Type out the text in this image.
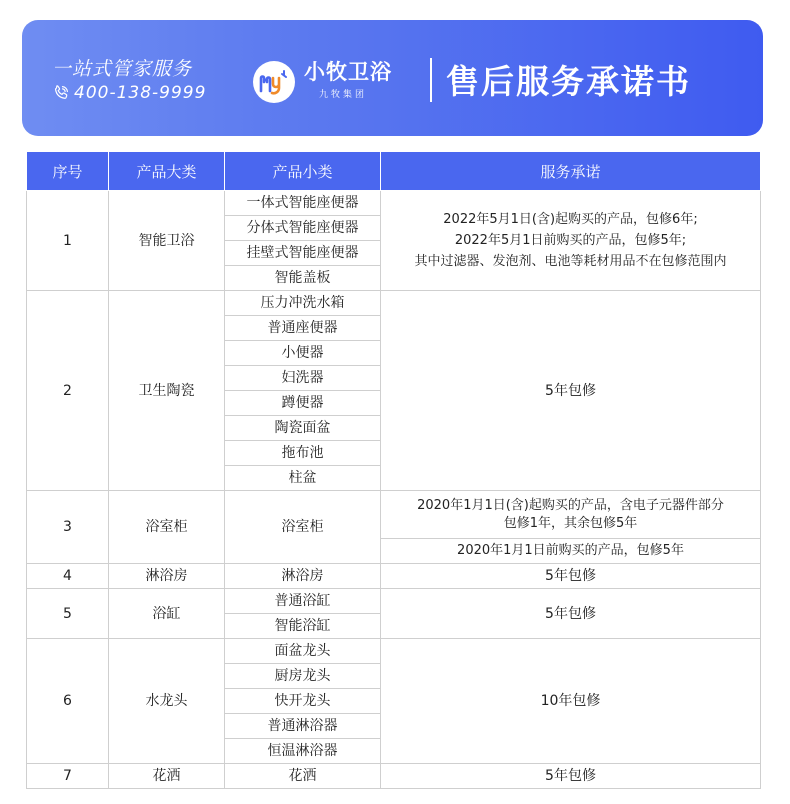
一站式管家服务
400-138-9999
小牧卫浴
九牧集团 售后服务承诺书
序号	产品大类	产品小类	服务承诺
1	智能卫浴	一体式智能座便器	2022年5月1日(含)起购买的产品，包修6年;
2022年5月1日前购买的产品，包修5年;
其中过滤器、发泡剂、电池等耗材用品不在包修范围内

		分体式智能座便器	
		挂壁式智能座便器	
		智能盖板	
2	卫生陶瓷	压力冲洗水箱	5年包修
		普通座便器	
		小便器	
		妇洗器	
		蹲便器	
		陶瓷面盆	
		拖布池	
		柱盆	
3	浴室柜	浴室柜	2020年1月1日(含)起购买的产品，含电子元器件部分
包修1年，其余包修5年

			2020年1月1日前购买的产品，包修5年
4	淋浴房	淋浴房	5年包修
5	浴缸	普通浴缸	5年包修
		智能浴缸	
6	水龙头	面盆龙头	10年包修
		厨房龙头	
		快开龙头	
		普通淋浴器	
		恒温淋浴器	
7	花洒	花洒	5年包修
